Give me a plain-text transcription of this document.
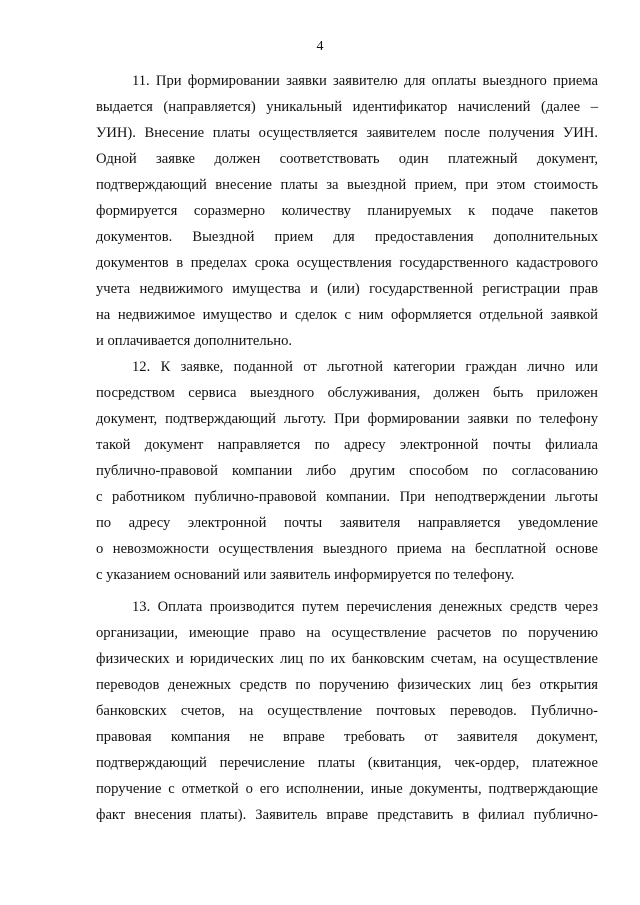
4
11. При формировании заявки заявителю для оплаты выездного приема
выдается (направляется) уникальный идентификатор начислений (далее –
УИН). Внесение платы осуществляется заявителем после получения УИН.
Одной заявке должен соответствовать один платежный документ,
подтверждающий внесение платы за выездной прием, при этом стоимость
формируется соразмерно количеству планируемых к подаче пакетов
документов. Выездной прием для предоставления дополнительных
документов в пределах срока осуществления государственного кадастрового
учета недвижимого имущества и (или) государственной регистрации прав
на недвижимое имущество и сделок с ним оформляется отдельной заявкой
и оплачивается дополнительно.
12. К заявке, поданной от льготной категории граждан лично или
посредством сервиса выездного обслуживания, должен быть приложен
документ, подтверждающий льготу. При формировании заявки по телефону
такой документ направляется по адресу электронной почты филиала
публично-правовой компании либо другим способом по согласованию
с работником публично-правовой компании. При неподтверждении льготы
по адресу электронной почты заявителя направляется уведомление
о невозможности осуществления выездного приема на бесплатной основе
с указанием оснований или заявитель информируется по телефону.
13. Оплата производится путем перечисления денежных средств через
организации, имеющие право на осуществление расчетов по поручению
физических и юридических лиц по их банковским счетам, на осуществление
переводов денежных средств по поручению физических лиц без открытия
банковских счетов, на осуществление почтовых переводов. Публично-
правовая компания не вправе требовать от заявителя документ,
подтверждающий перечисление платы (квитанция, чек-ордер, платежное
поручение с отметкой о его исполнении, иные документы, подтверждающие
факт внесения платы). Заявитель вправе представить в филиал публично-
